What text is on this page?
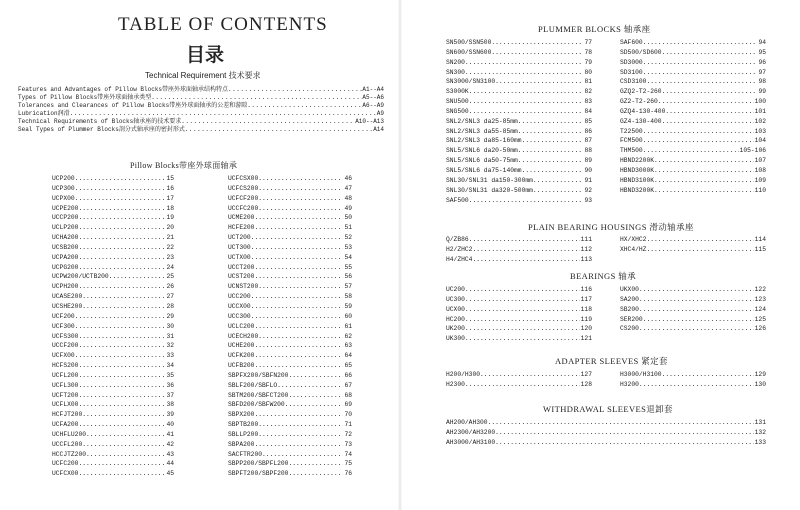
TABLE OF CONTENTS
目录
Technical Requirement 技术要求
Features and Advantages of Pillow Blocks带座外球面轴承结构特点 .....	A1--A4
Types of Pillow Blocks带座外球面轴承类型 .....	A5--A6
Tolerances and Clearances of Pillow Blocks带座外球面轴承的公差和游隙 .....	A6--A9
Lubrication润滑 .....	A9
Technical Requirements of Blocks轴承座的技术要求 .....	A10--A13
Seal Types of Plummer Blocks剖分式轴承座的密封形式 .....	A14
Pillow Blocks带座外球面轴承
UCP200 .....	15
UCP300 .....	16
UCPX00 .....	17
UCPE200 .....	18
UCCP200 .....	19
UCLP200 .....	20
UCHA200 .....	21
UCSB200 .....	22
UCPA200 .....	23
UCPG200 .....	24
UCPW200/UCTB200 .....	25
UCPH200 .....	26
UCASE200 .....	27
UCSHE200 .....	28
UCF200 .....	29
UCF300 .....	30
UCFS300 .....	31
UCCF200 .....	32
UCFX00 .....	33
HCFS200 .....	34
UCFL200 .....	35
UCFL300 .....	36
UCFT200 .....	37
UCFLX00 .....	38
HCFJT200 .....	39
UCFA200 .....	40
UCHFLU200 .....	41
UCCFL200 .....	42
HCCJTZ200 .....	43
UCFC200 .....	44
UCFCX00 .....	45
UCFCSX00 .....	46
UCFCS200 .....	47
UCFCF200 .....	48
UCCFC200 .....	49
UCME200 .....	50
HCFE200 .....	51
UCT200 .....	52
UCT300 .....	53
UCTX00 .....	54
UCCT200 .....	55
UCST200 .....	56
UCNST200 .....	57
UCC200 .....	58
UCCX00 .....	59
UCC300 .....	60
UCLC200 .....	61
UCECH200 .....	62
UCHE200 .....	63
UCFK200 .....	64
UCFB200 .....	65
SBPFX200/SBFN200 .....	66
SBLF200/SBFLO .....	67
SBTM200/SBFCT200 .....	68
SBFD200/SBFW200 .....	69
SBPX200 .....	70
SBPTB200 .....	71
SBLLP200 .....	72
SBPA200 .....	73
SACFTR200 .....	74
SBPP200/SBPFL200 .....	75
SBPFT200/SBPF200 .....	76
PLUMMER BLOCKS 轴承座
SN500/SSN500 .....	77
SN600/SSN600 .....	78
SN200 .....	79
SN300 .....	80
SN3000/SN3100 .....	81
S3000K .....	82
SNU500 .....	83
SNG500 .....	84
SNL2/SNL3 da25-85mm .....	85
SNL2/SNL3 da55-85mm .....	86
SNL2/SNL3 da85-160mm .....	87
SNL5/SNL6 da20-50mm .....	88
SNL5/SNL6 da50-75mm .....	89
SNL5/SNL6 da75-140mm .....	90
SNL30/SNL31 da150-300mm .....	91
SNL30/SNL31 da320-500mm .....	92
SAF500 .....	93
SAF600 .....	94
SD500/SD600 .....	95
SD3000 .....	96
SD3100 .....	97
CSD3100 .....	98
GZQ2-T2-260 .....	99
GZ2-T2-260 .....	100
GZQ4-130-400 .....	101
GZ4-130-400 .....	102
T22500 .....	103
FCM500 .....	104
THM500 .....	105-106
HBND2200K .....	107
HBND3000K .....	108
HBND3100K .....	109
HBND3200K .....	110
PLAIN BEARING HOUSINGS 滑动轴承座
Q/ZB86 .....	111
H2/ZHC2 .....	112
H4/ZHC4 .....	113
HX/XHC2 .....	114
XHC4/HZ .....	115
BEARINGS 轴承
UC200 .....	116
UC300 .....	117
UCX00 .....	118
HC200 .....	119
UK200 .....	120
UK300 .....	121
UKX00 .....	122
SA200 .....	123
SB200 .....	124
SER200 .....	125
CS200 .....	126
ADAPTER SLEEVES 紧定套
H200/H300 .....	127
H2300 .....	128
H3000/H3100 .....	129
H3200 .....	130
WITHDRAWAL SLEEVES退卸套
AH200/AH300 .....	131
AH2300/AH3200 .....	132
AH3000/AH3100 .....	133
